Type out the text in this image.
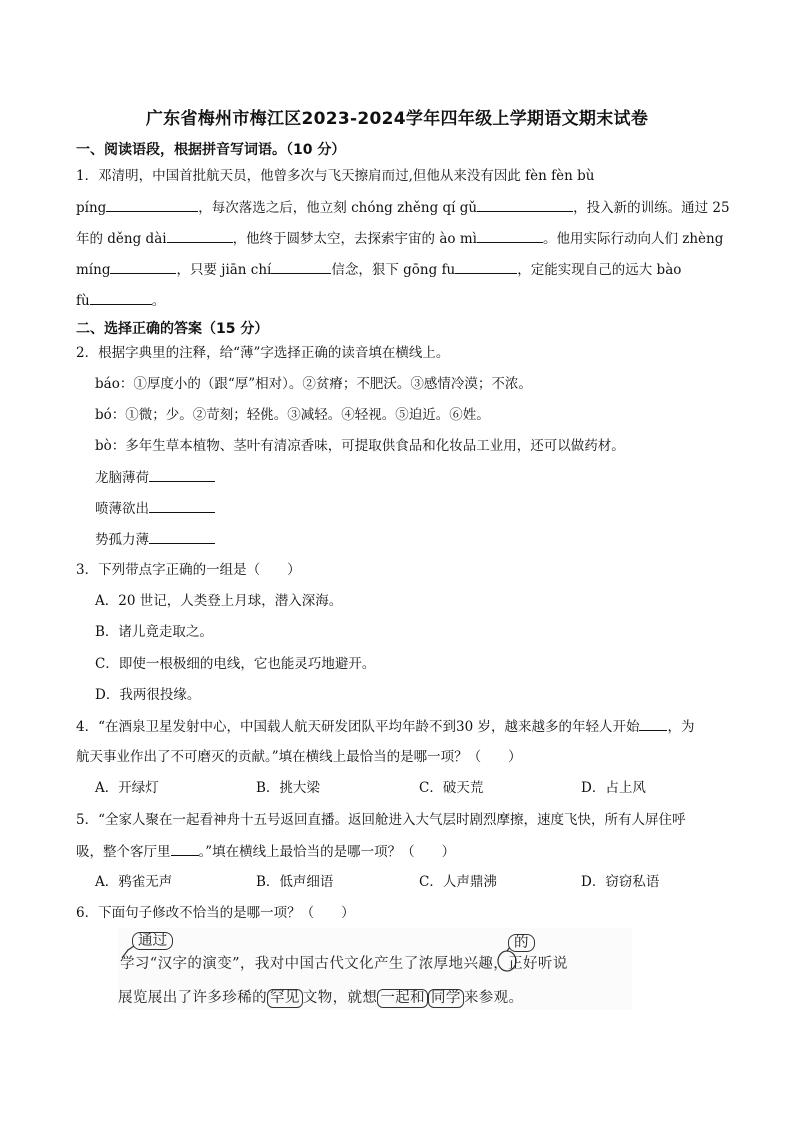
广东省梅州市梅江区2023-2024学年四年级上学期语文期末试卷
一、阅读语段，根据拼音写词语。（10 分）
1．邓清明，中国首批航天员，他曾多次与飞天擦肩而过,但他从来没有因此 fèn fèn bù
píng	，每次落选之后，他立刻 chóng zhěng qí gǔ	，投入新的训练。通过 25
年的 děng dài	，他终于圆梦太空，去探索宇宙的 ào mì	。他用实际行动向人们 zhèng
míng	，只要 jiān chí	信念，狠下 gōng fu	，定能实现自己的远大 bào
fù	。
二、选择正确的答案（15 分）
2．根据字典里的注释，给“薄”字选择正确的读音填在横线上。
báo：①厚度小的（跟“厚”相对）。②贫瘠；不肥沃。③感情冷漠；不浓。
bó：①微；少。②苛刻；轻佻。③减轻。④轻视。⑤迫近。⑥姓。
bò：多年生草本植物、茎叶有清凉香味，可提取供食品和化妆品工业用，还可以做药材。
龙脑薄荷
喷薄欲出
势孤力薄
3．下列带点字正确的一组是（　　）
A．20 世记，人类登上月球，潜入深海。
B．诸儿竟走取之。
C．即使一根极细的电线，它也能灵巧地避开。
D．我两很投缘。
4．“在酒泉卫星发射中心，中国载人航天研发团队平均年龄不到30 岁，越来越多的年轻人开始 ，为
航天事业作出了不可磨灭的贡献。”填在横线上最恰当的是哪一项？（　　）
A．开绿灯	B．挑大梁	C．破天荒	D．占上风
5．“全家人聚在一起看神舟十五号返回直播。返回舱进入大气层时剧烈摩擦，速度飞快，所有人屏住呼
吸，整个客厅里 。”填在横线上最恰当的是哪一项？（　　）
A．鸦雀无声	B．低声细语	C．人声鼎沸	D．窃窃私语
6．下面句子修改不恰当的是哪一项？（　　）
通过	的
学习“汉字的演变”，我对中国古代文化产生了浓厚地兴趣，正好听说
展览展出了许多珍稀的 罕见 文物，就想 一起和 同学 来参观。
